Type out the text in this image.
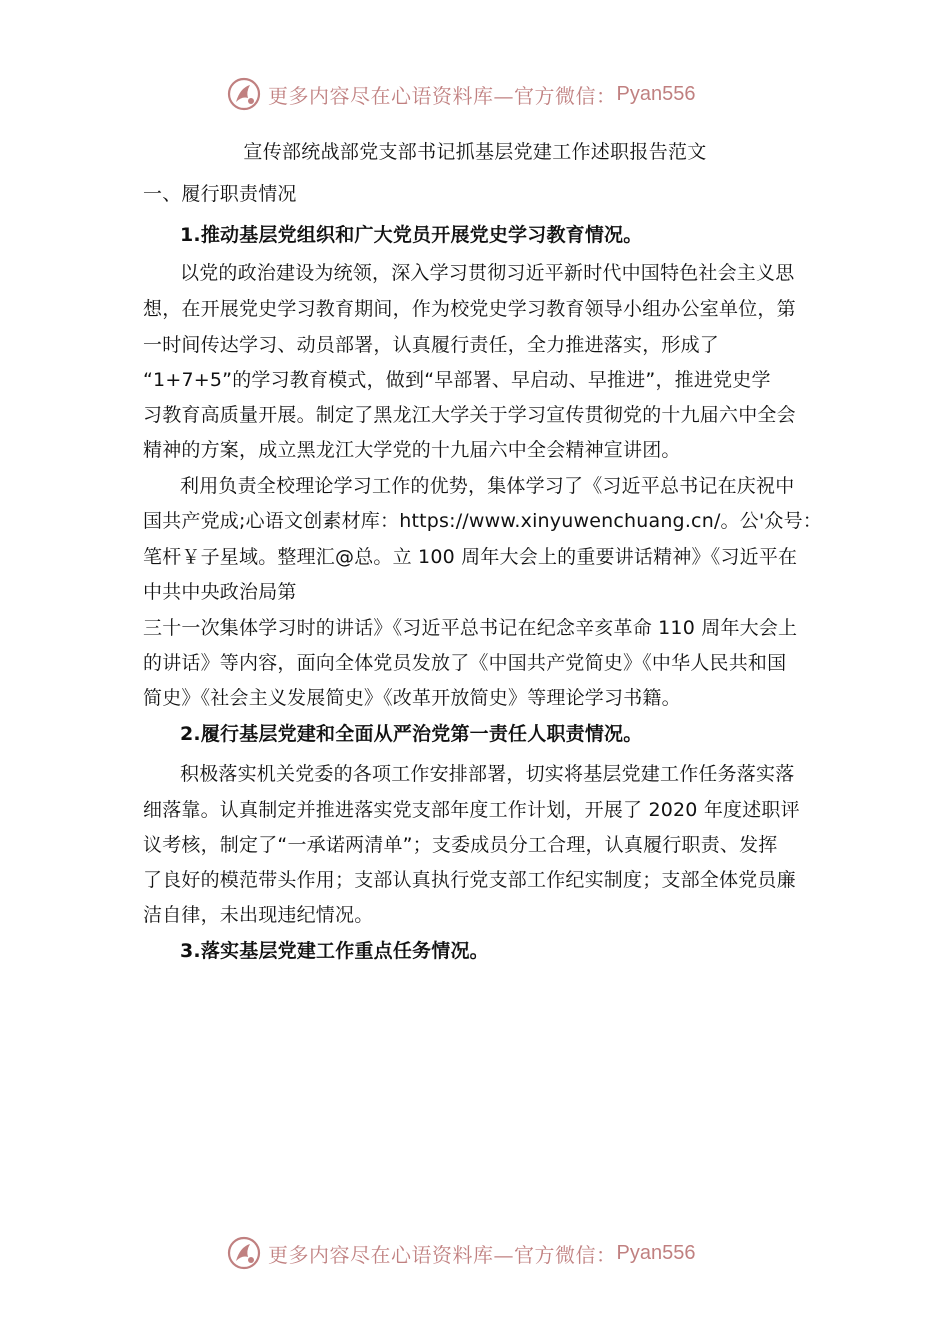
更多内容尽在心语资料库—官方微信： Pyan556
宣传部统战部党支部书记抓基层党建工作述职报告范文
一、履行职责情况
1.推动基层党组织和广大党员开展党史学习教育情况。
以党的政治建设为统领，深入学习贯彻习近平新时代中国特色社会主义思
想，在开展党史学习教育期间，作为校党史学习教育领导小组办公室单位，第
一时间传达学习、动员部署，认真履行责任，全力推进落实，形成了
“1+7+5”的学习教育模式，做到“早部署、早启动、早推进”，推进党史学
习教育高质量开展。制定了黑龙江大学关于学习宣传贯彻党的十九届六中全会
精神的方案，成立黑龙江大学党的十九届六中全会精神宣讲团。
利用负责全校理论学习工作的优势，集体学习了《习近平总书记在庆祝中
国共产党成;心语文创素材库：https://www.xinyuwenchuang.cn/。公'众号：
笔杆￥子星域。整理汇@总。立 100 周年大会上的重要讲话精神》《习近平在
中共中央政治局第
三十一次集体学习时的讲话》《习近平总书记在纪念辛亥革命 110 周年大会上
的讲话》等内容，面向全体党员发放了《中国共产党简史》《中华人民共和国
简史》《社会主义发展简史》《改革开放简史》等理论学习书籍。
2.履行基层党建和全面从严治党第一责任人职责情况。
积极落实机关党委的各项工作安排部署，切实将基层党建工作任务落实落
细落靠。认真制定并推进落实党支部年度工作计划，开展了 2020 年度述职评
议考核，制定了“一承诺两清单”；支委成员分工合理，认真履行职责、发挥
了良好的模范带头作用；支部认真执行党支部工作纪实制度；支部全体党员廉
洁自律，未出现违纪情况。
3.落实基层党建工作重点任务情况。
更多内容尽在心语资料库—官方微信： Pyan556
